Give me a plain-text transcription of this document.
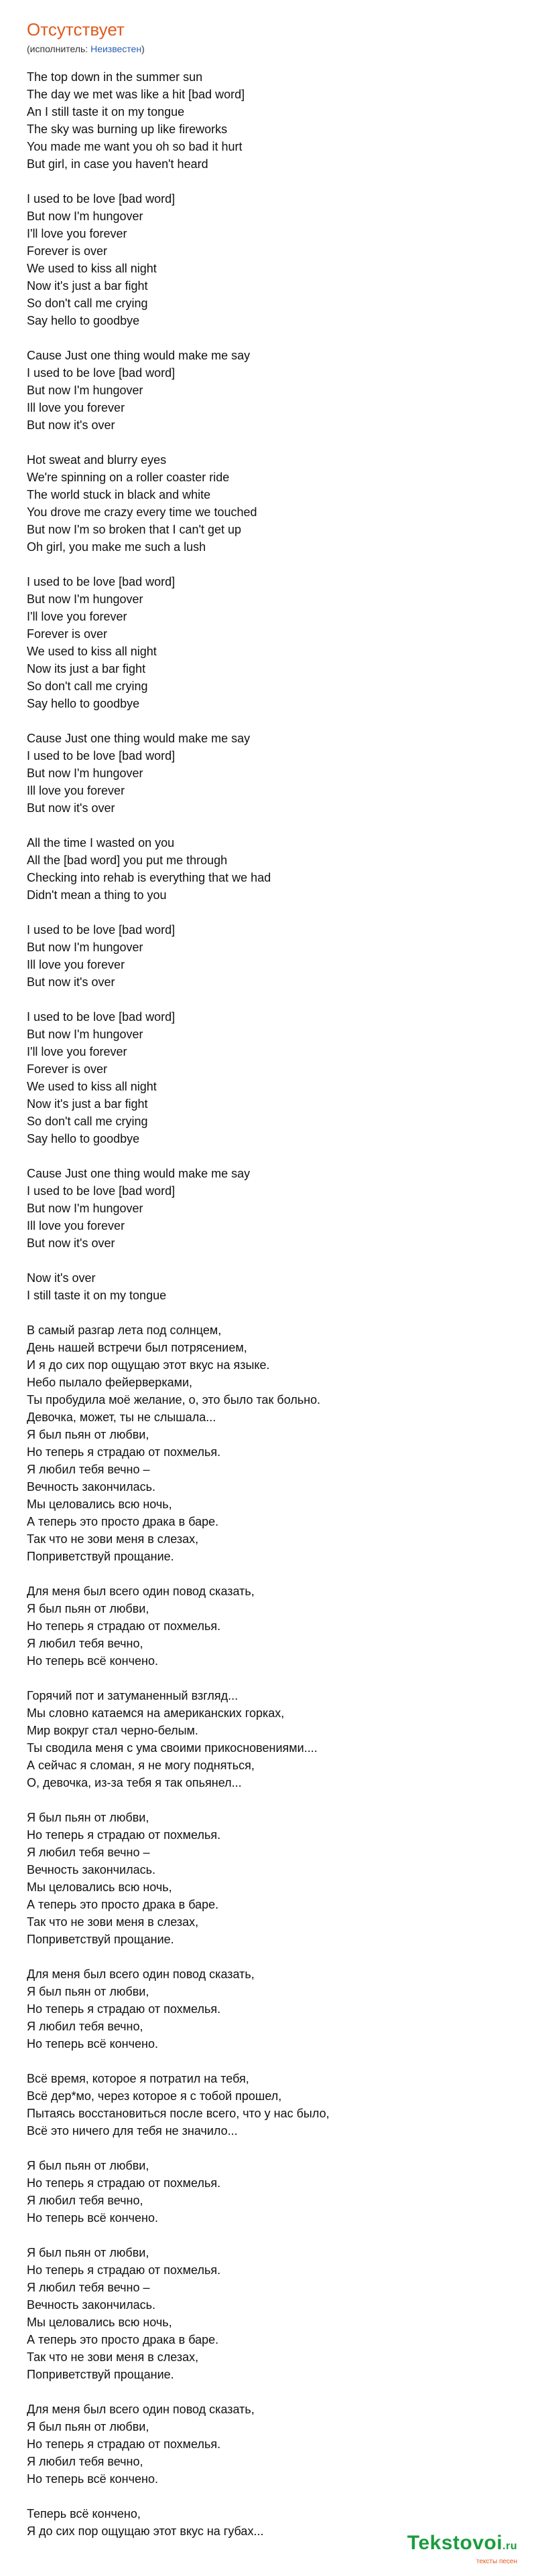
Отсутствует
(исполнитель: Неизвестен)
The top down in the summer sun
The day we met was like a hit [bad word]
An I still taste it on my tongue
The sky was burning up like fireworks
You made me want you oh so bad it hurt
But girl, in case you haven't heard
I used to be love [bad word]
But now I'm hungover
I'll love you forever
Forever is over
We used to kiss all night
Now it's just a bar fight
So don't call me crying
Say hello to goodbye
Cause Just one thing would make me say
I used to be love [bad word]
But now I'm hungover
Ill love you forever
But now it's over
Hot sweat and blurry eyes
We're spinning on a roller coaster ride
The world stuck in black and white
You drove me crazy every time we touched
But now I'm so broken that I can't get up
Oh girl, you make me such a lush
I used to be love [bad word]
But now I'm hungover
I'll love you forever
Forever is over
We used to kiss all night
Now its just a bar fight
So don't call me crying
Say hello to goodbye
Cause Just one thing would make me say
I used to be love [bad word]
But now I'm hungover
Ill love you forever
But now it's over
All the time I wasted on you
All the [bad word] you put me through
Checking into rehab is everything that we had
Didn't mean a thing to you
I used to be love [bad word]
But now I'm hungover
Ill love you forever
But now it's over
I used to be love [bad word]
But now I'm hungover
I'll love you forever
Forever is over
We used to kiss all night
Now it's just a bar fight
So don't call me crying
Say hello to goodbye
Cause Just one thing would make me say
I used to be love [bad word]
But now I'm hungover
Ill love you forever
But now it's over
Now it's over
I still taste it on my tongue
В самый разгар лета под солнцем,
День нашей встречи был потрясением,
И я до сих пор ощущаю этот вкус на языке.
Небо пылало фейерверками,
Ты пробудила моё желание, о, это было так больно.
Девочка, может, ты не слышала...
Я был пьян от любви,
Но теперь я страдаю от похмелья.
Я любил тебя вечно –
Вечность закончилась.
Мы целовались всю ночь,
А теперь это просто драка в баре.
Так что не зови меня в слезах,
Поприветствуй прощание.
Для меня был всего один повод сказать,
Я был пьян от любви,
Но теперь я страдаю от похмелья.
Я любил тебя вечно,
Но теперь всё кончено.
Горячий пот и затуманенный взгляд...
Мы словно катаемся на американских горках,
Мир вокруг стал черно-белым.
Ты сводила меня с ума своими прикосновениями....
А сейчас я сломан, я не могу подняться,
О, девочка, из-за тебя я так опьянел...
Я был пьян от любви,
Но теперь я страдаю от похмелья.
Я любил тебя вечно –
Вечность закончилась.
Мы целовались всю ночь,
А теперь это просто драка в баре.
Так что не зови меня в слезах,
Поприветствуй прощание.
Для меня был всего один повод сказать,
Я был пьян от любви,
Но теперь я страдаю от похмелья.
Я любил тебя вечно,
Но теперь всё кончено.
Всё время, которое я потратил на тебя,
Всё дер*мо, через которое я с тобой прошел,
Пытаясь восстановиться после всего, что у нас было,
Всё это ничего для тебя не значило...
Я был пьян от любви,
Но теперь я страдаю от похмелья.
Я любил тебя вечно,
Но теперь всё кончено.
Я был пьян от любви,
Но теперь я страдаю от похмелья.
Я любил тебя вечно –
Вечность закончилась.
Мы целовались всю ночь,
А теперь это просто драка в баре.
Так что не зови меня в слезах,
Поприветствуй прощание.
Для меня был всего один повод сказать,
Я был пьян от любви,
Но теперь я страдаю от похмелья.
Я любил тебя вечно,
Но теперь всё кончено.
Теперь всё кончено,
Я до сих пор ощущаю этот вкус на губах...
Tekstovoi.ru
тексты песен
